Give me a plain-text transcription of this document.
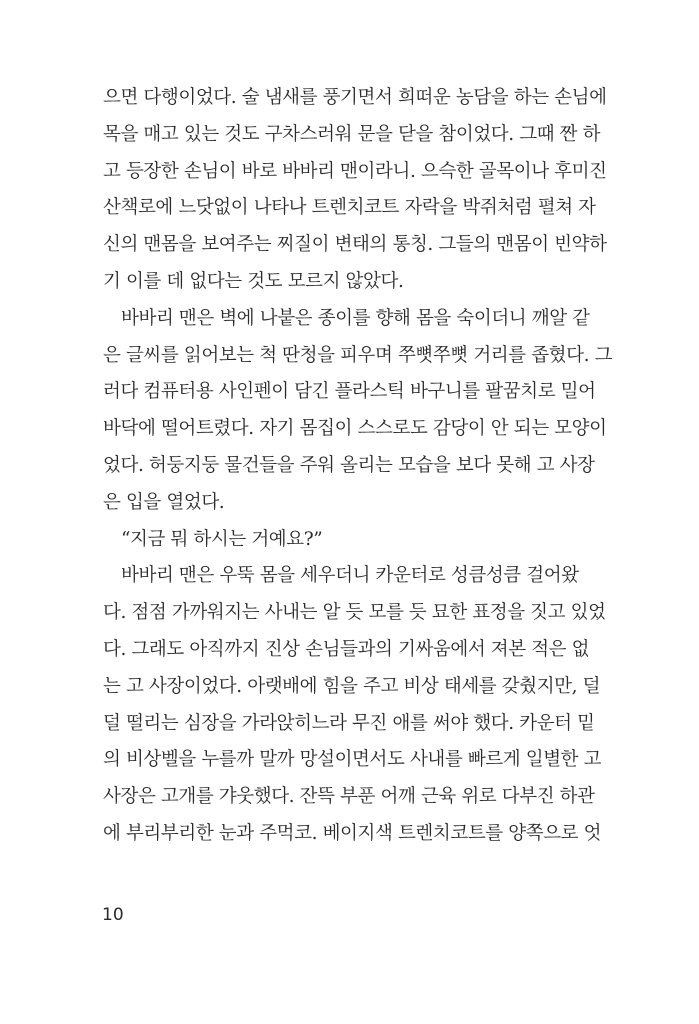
으면 다행이었다. 술 냄새를 풍기면서 희떠운 농담을 하는 손님에
목을 매고 있는 것도 구차스러워 문을 닫을 참이었다. 그때 짠 하
고 등장한 손님이 바로 바바리 맨이라니. 으슥한 골목이나 후미진
산책로에 느닷없이 나타나 트렌치코트 자락을 박쥐처럼 펼쳐 자
신의 맨몸을 보여주는 찌질이 변태의 통칭. 그들의 맨몸이 빈약하
기 이를 데 없다는 것도 모르지 않았다.
바바리 맨은 벽에 나붙은 종이를 향해 몸을 숙이더니 깨알 같
은 글씨를 읽어보는 척 딴청을 피우며 쭈뼛쭈뼛 거리를 좁혔다. 그
러다 컴퓨터용 사인펜이 담긴 플라스틱 바구니를 팔꿈치로 밀어
바닥에 떨어트렸다. 자기 몸집이 스스로도 감당이 안 되는 모양이
었다. 허둥지둥 물건들을 주워 올리는 모습을 보다 못해 고 사장
은 입을 열었다.
“지금 뭐 하시는 거예요?”
바바리 맨은 우뚝 몸을 세우더니 카운터로 성큼성큼 걸어왔
다. 점점 가까워지는 사내는 알 듯 모를 듯 묘한 표정을 짓고 있었
다. 그래도 아직까지 진상 손님들과의 기싸움에서 져본 적은 없
는 고 사장이었다. 아랫배에 힘을 주고 비상 태세를 갖췄지만, 덜
덜 떨리는 심장을 가라앉히느라 무진 애를 써야 했다. 카운터 밑
의 비상벨을 누를까 말까 망설이면서도 사내를 빠르게 일별한 고
사장은 고개를 갸웃했다. 잔뜩 부푼 어깨 근육 위로 다부진 하관
에 부리부리한 눈과 주먹코. 베이지색 트렌치코트를 양쪽으로 엇
10
